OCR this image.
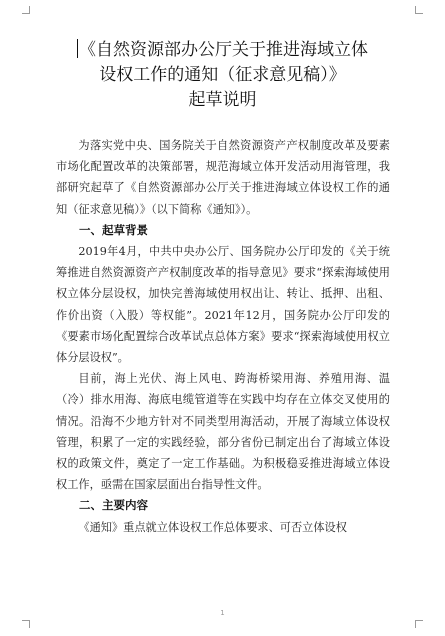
《自然资源部办公厅关于推进海域立体
设权工作的通知（征求意见稿）》
起草说明

为落实党中央、国务院关于自然资源资产产权制度改革及要素市场化配置改革的决策部署，规范海域立体开发活动用海管理，我部研究起草了《自然资源部办公厅关于推进海域立体设权工作的通知（征求意见稿）》（以下简称《通知》）。

一、起草背景

2019年4月，中共中央办公厅、国务院办公厅印发的《关于统筹推进自然资源资产产权制度改革的指导意见》要求“探索海域使用权立体分层设权，加快完善海域使用权出让、转让、抵押、出租、作价出资（入股）等权能”。2021年12月，国务院办公厅印发的《要素市场化配置综合改革试点总体方案》要求“探索海域使用权立体分层设权”。

目前，海上光伏、海上风电、跨海桥梁用海、养殖用海、温（冷）排水用海、海底电缆管道等在实践中均存在立体交叉使用的情况。沿海不少地方针对不同类型用海活动，开展了海域立体设权管理，积累了一定的实践经验，部分省份已制定出台了海域立体设权的政策文件，奠定了一定工作基础。为积极稳妥推进海域立体设权工作，亟需在国家层面出台指导性文件。

二、主要内容

《通知》重点就立体设权工作总体要求、可否立体设权

1
